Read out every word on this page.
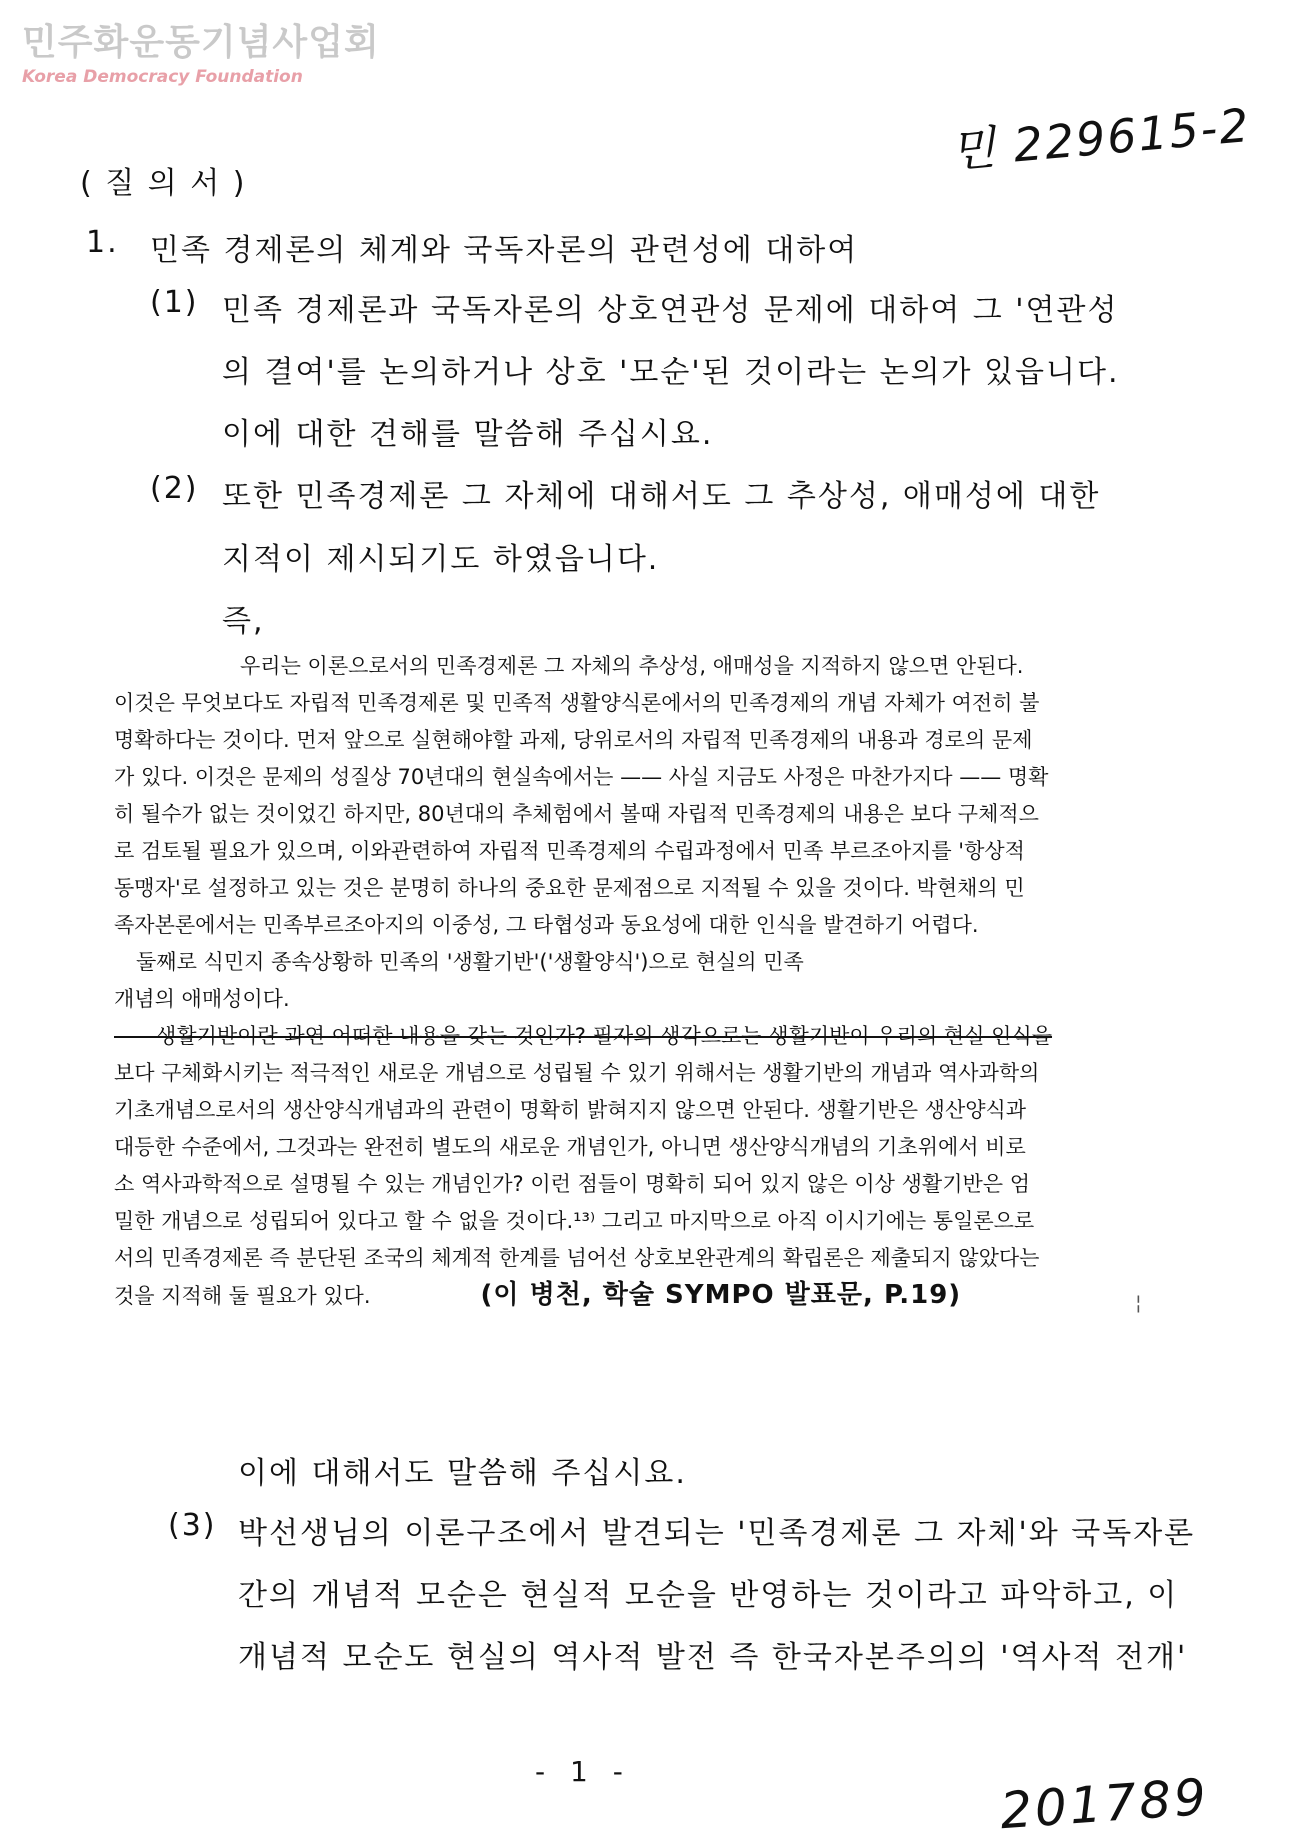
민주화운동기념사업회
Korea Democracy Foundation
민 229615-2
( 질 의 서 )
1. 민족 경제론의 체계와 국독자론의 관련성에 대하여
(1) 민족 경제론과 국독자론의 상호연관성 문제에 대하여 그 '연관성
의 결여'를 논의하거나 상호 '모순'된 것이라는 논의가 있읍니다.
이에 대한 견해를 말씀해 주십시요.
(2) 또한 민족경제론 그 자체에 대해서도 그 추상성, 애매성에 대한
지적이 제시되기도 하였읍니다.
즉,
우리는 이론으로서의 민족경제론 그 자체의 추상성, 애매성을 지적하지 않으면 안된다.
이것은 무엇보다도 자립적 민족경제론 및 민족적 생활양식론에서의 민족경제의 개념 자체가 여전히 불
명확하다는 것이다. 먼저 앞으로 실현해야할 과제, 당위로서의 자립적 민족경제의 내용과 경로의 문제
가 있다. 이것은 문제의 성질상 70년대의 현실속에서는 —— 사실 지금도 사정은 마찬가지다 —— 명확
히 될수가 없는 것이었긴 하지만, 80년대의 추체험에서 볼때 자립적 민족경제의 내용은 보다 구체적으
로 검토될 필요가 있으며, 이와관련하여 자립적 민족경제의 수립과정에서 민족 부르조아지를 '항상적
동맹자'로 설정하고 있는 것은 분명히 하나의 중요한 문제점으로 지적될 수 있을 것이다. 박현채의 민
족자본론에서는 민족부르조아지의 이중성, 그 타협성과 동요성에 대한 인식을 발견하기 어렵다.
둘째로 식민지 종속상황하 민족의 '생활기반'('생활양식')으로 현실의 민족
개념의 애매성이다.
——생활기반이란 과연 어떠한 내용을 갖는 것인가? 필자의 생각으로는 생활기반이 우리의 현실 인식을
보다 구체화시키는 적극적인 새로운 개념으로 성립될 수 있기 위해서는 생활기반의 개념과 역사과학의
기초개념으로서의 생산양식개념과의 관련이 명확히 밝혀지지 않으면 안된다. 생활기반은 생산양식과
대등한 수준에서, 그것과는 완전히 별도의 새로운 개념인가, 아니면 생산양식개념의 기초위에서 비로
소 역사과학적으로 설명될 수 있는 개념인가? 이런 점들이 명확히 되어 있지 않은 이상 생활기반은 엄
밀한 개념으로 성립되어 있다고 할 수 없을 것이다.¹³⁾ 그리고 마지막으로 아직 이시기에는 통일론으로
서의 민족경제론 즉 분단된 조국의 체계적 한계를 넘어선 상호보완관계의 확립론은 제출되지 않았다는
것을 지적해 둘 필요가 있다.	(이 병천, 학술 SYMPO 발표문, P.19)	¦
이에 대해서도 말씀해 주십시요.
(3) 박선생님의 이론구조에서 발견되는 '민족경제론 그 자체'와 국독자론
간의 개념적 모순은 현실적 모순을 반영하는 것이라고 파악하고, 이
개념적 모순도 현실의 역사적 발전 즉 한국자본주의의 '역사적 전개'
- 1 -	201789
